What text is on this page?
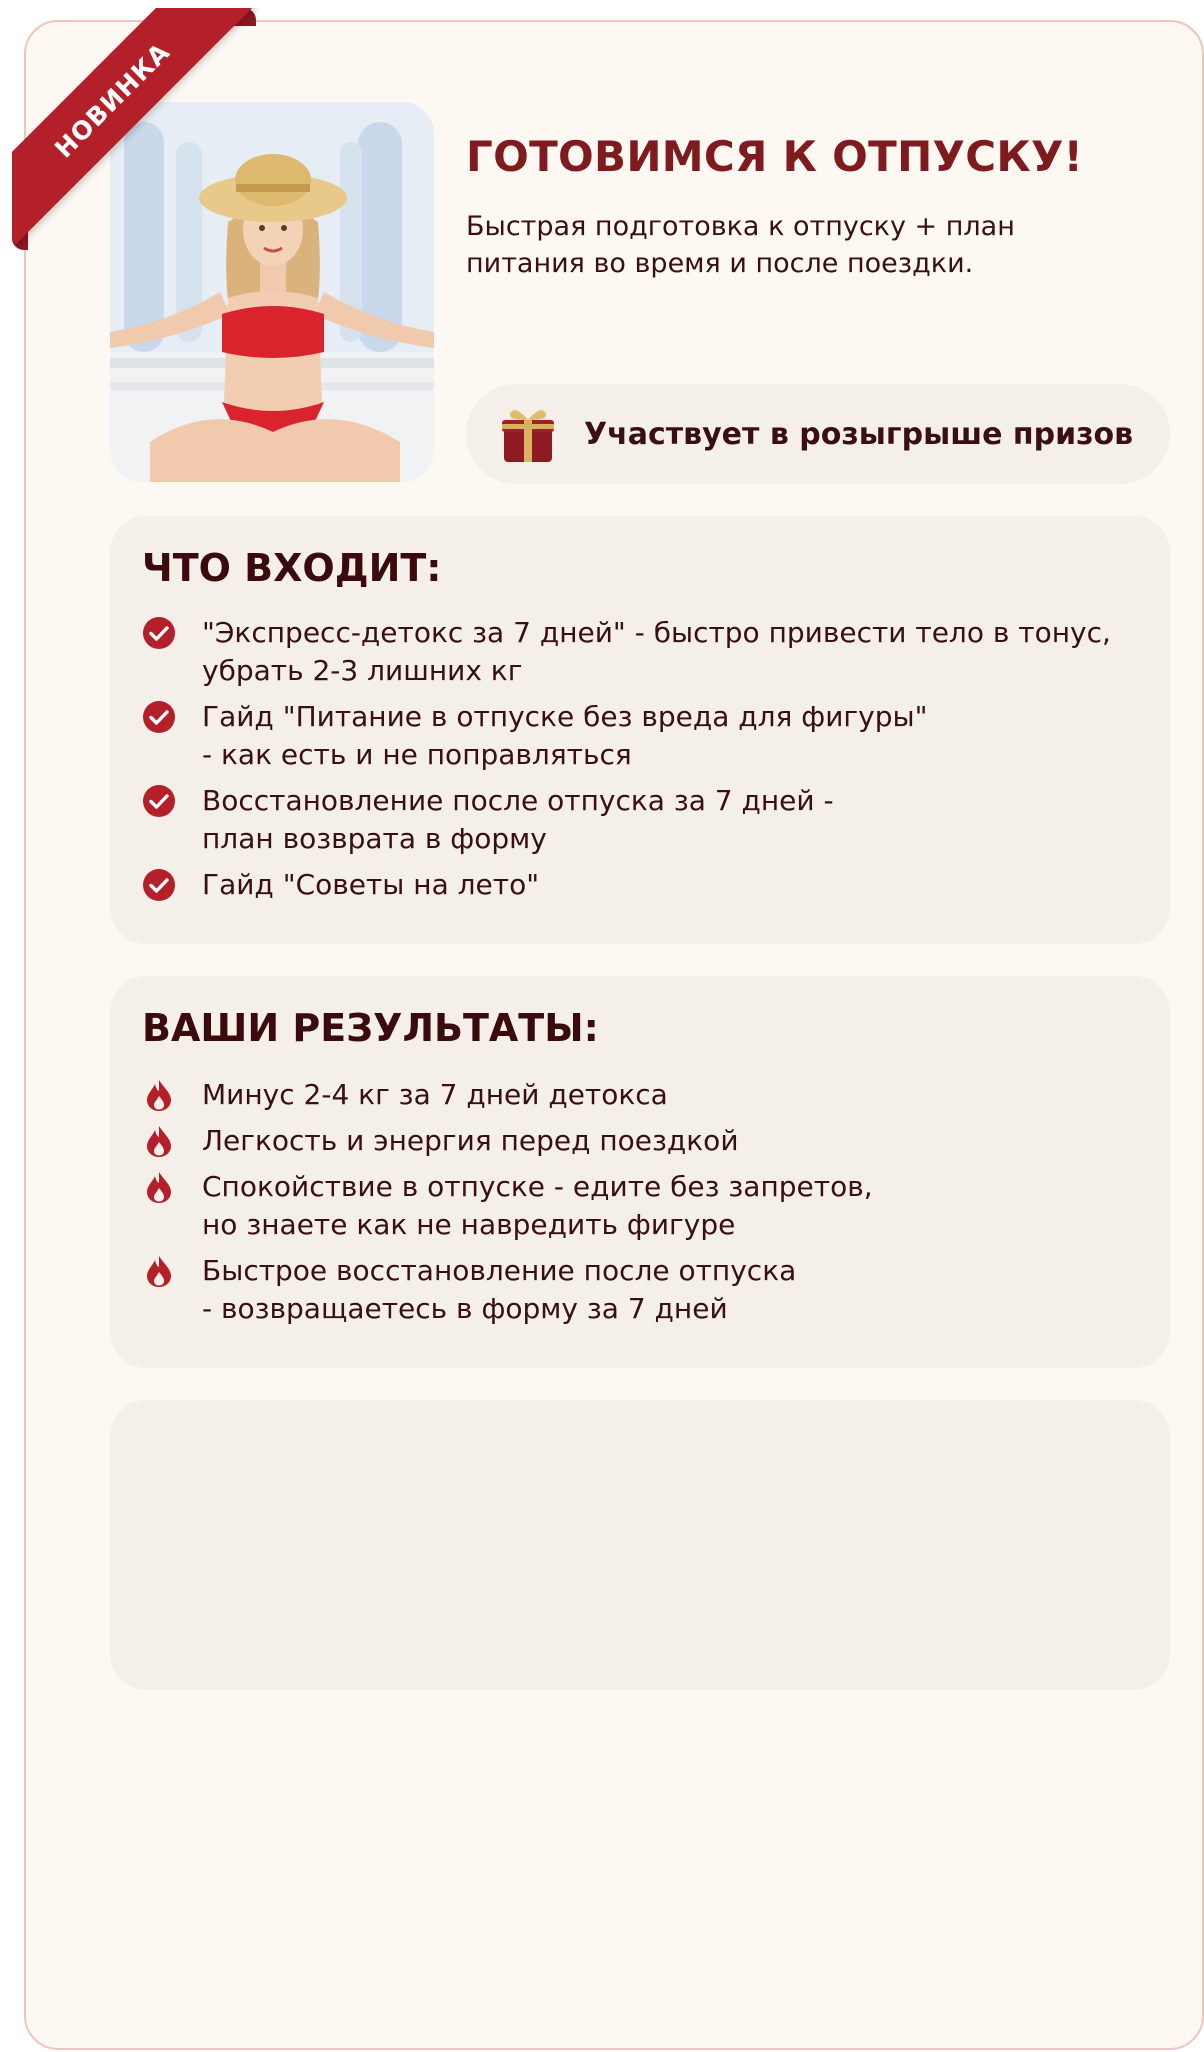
ГОТОВИМСЯ К ОТПУСКУ!
Быстрая подготовка к отпуску + план питания во время и после поездки.
Участвует в розыгрыше призов
ЧТО ВХОДИТ:
"Экспресс-детокс за 7 дней" - быстро привести тело в тонус,
убрать 2-3 лишних кг
Гайд "Питание в отпуске без вреда для фигуры"
- как есть и не поправляться
Восстановление после отпуска за 7 дней -
план возврата в форму
Гайд "Советы на лето"
ВАШИ РЕЗУЛЬТАТЫ:
Минус 2-4 кг за 7 дней детокса
Легкость и энергия перед поездкой
Спокойствие в отпуске - едите без запретов,
но знаете как не навредить фигуре
Быстрое восстановление после отпуска
- возвращаетесь в форму за 7 дней
НОВИНКА
